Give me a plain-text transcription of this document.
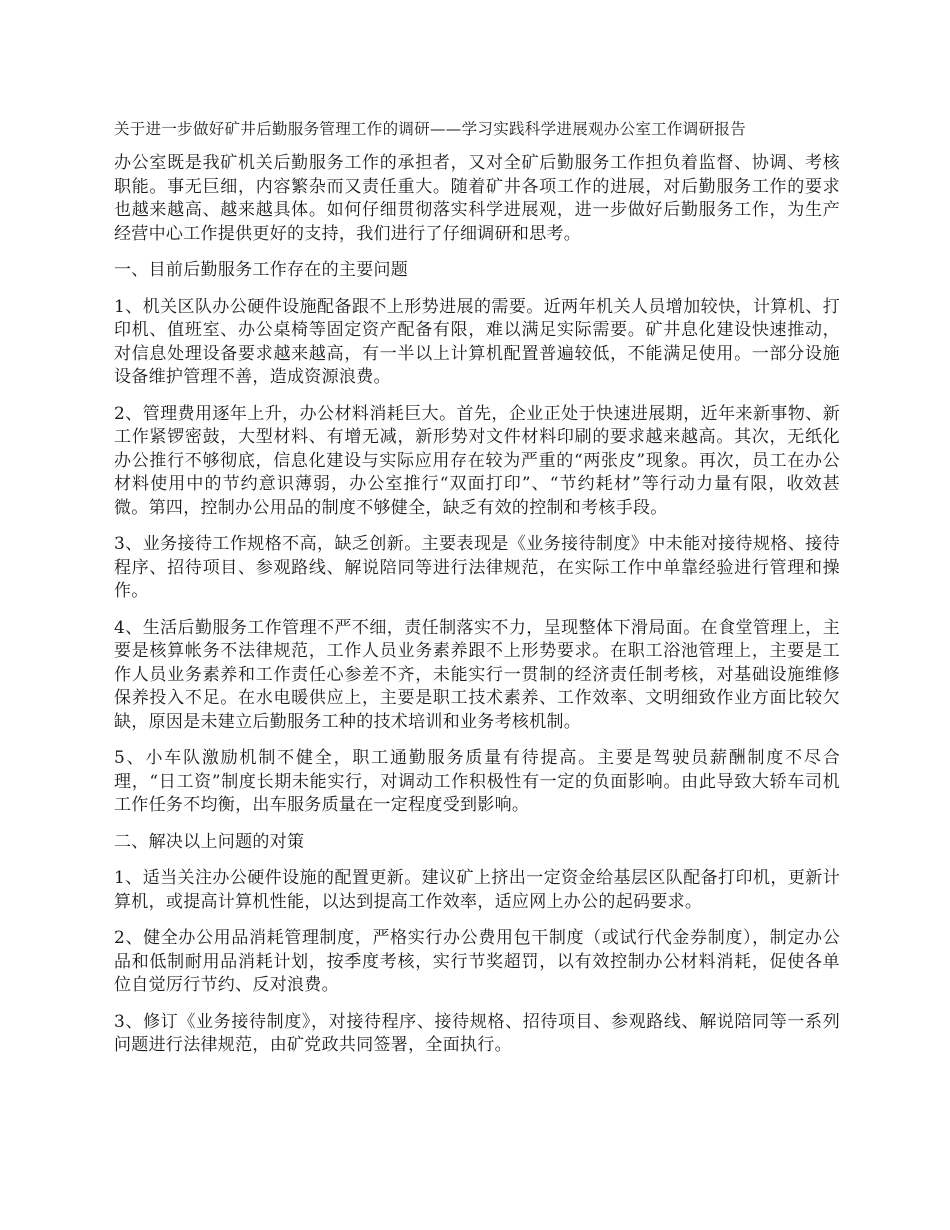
关于进一步做好矿井后勤服务管理工作的调研——学习实践科学进展观办公室工作调研报告

办公室既是我矿机关后勤服务工作的承担者，又对全矿后勤服务工作担负着监督、协调、考核职能。事无巨细，内容繁杂而又责任重大。随着矿井各项工作的进展，对后勤服务工作的要求也越来越高、越来越具体。如何仔细贯彻落实科学进展观，进一步做好后勤服务工作，为生产经营中心工作提供更好的支持，我们进行了仔细调研和思考。

一、目前后勤服务工作存在的主要问题

1、机关区队办公硬件设施配备跟不上形势进展的需要。近两年机关人员增加较快，计算机、打印机、值班室、办公桌椅等固定资产配备有限，难以满足实际需要。矿井息化建设快速推动，对信息处理设备要求越来越高，有一半以上计算机配置普遍较低，不能满足使用。一部分设施设备维护管理不善，造成资源浪费。

2、管理费用逐年上升，办公材料消耗巨大。首先，企业正处于快速进展期，近年来新事物、新工作紧锣密鼓，大型材料、有增无减，新形势对文件材料印刷的要求越来越高。其次，无纸化办公推行不够彻底，信息化建设与实际应用存在较为严重的“两张皮”现象。再次，员工在办公材料使用中的节约意识薄弱，办公室推行“双面打印”、“节约耗材”等行动力量有限，收效甚微。第四，控制办公用品的制度不够健全，缺乏有效的控制和考核手段。

3、业务接待工作规格不高，缺乏创新。主要表现是《业务接待制度》中未能对接待规格、接待程序、招待项目、参观路线、解说陪同等进行法律规范，在实际工作中单靠经验进行管理和操作。

4、生活后勤服务工作管理不严不细，责任制落实不力，呈现整体下滑局面。在食堂管理上，主要是核算帐务不法律规范，工作人员业务素养跟不上形势要求。在职工浴池管理上，主要是工作人员业务素养和工作责任心参差不齐，未能实行一贯制的经济责任制考核，对基础设施维修保养投入不足。在水电暖供应上，主要是职工技术素养、工作效率、文明细致作业方面比较欠缺，原因是未建立后勤服务工种的技术培训和业务考核机制。

5、小车队激励机制不健全，职工通勤服务质量有待提高。主要是驾驶员薪酬制度不尽合理，“日工资”制度长期未能实行，对调动工作积极性有一定的负面影响。由此导致大轿车司机工作任务不均衡，出车服务质量在一定程度受到影响。

二、解决以上问题的对策

1、适当关注办公硬件设施的配置更新。建议矿上挤出一定资金给基层区队配备打印机，更新计算机，或提高计算机性能，以达到提高工作效率，适应网上办公的起码要求。

2、健全办公用品消耗管理制度，严格实行办公费用包干制度（或试行代金券制度），制定办公品和低制耐用品消耗计划，按季度考核，实行节奖超罚，以有效控制办公材料消耗，促使各单位自觉厉行节约、反对浪费。

3、修订《业务接待制度》，对接待程序、接待规格、招待项目、参观路线、解说陪同等一系列问题进行法律规范，由矿党政共同签署，全面执行。
